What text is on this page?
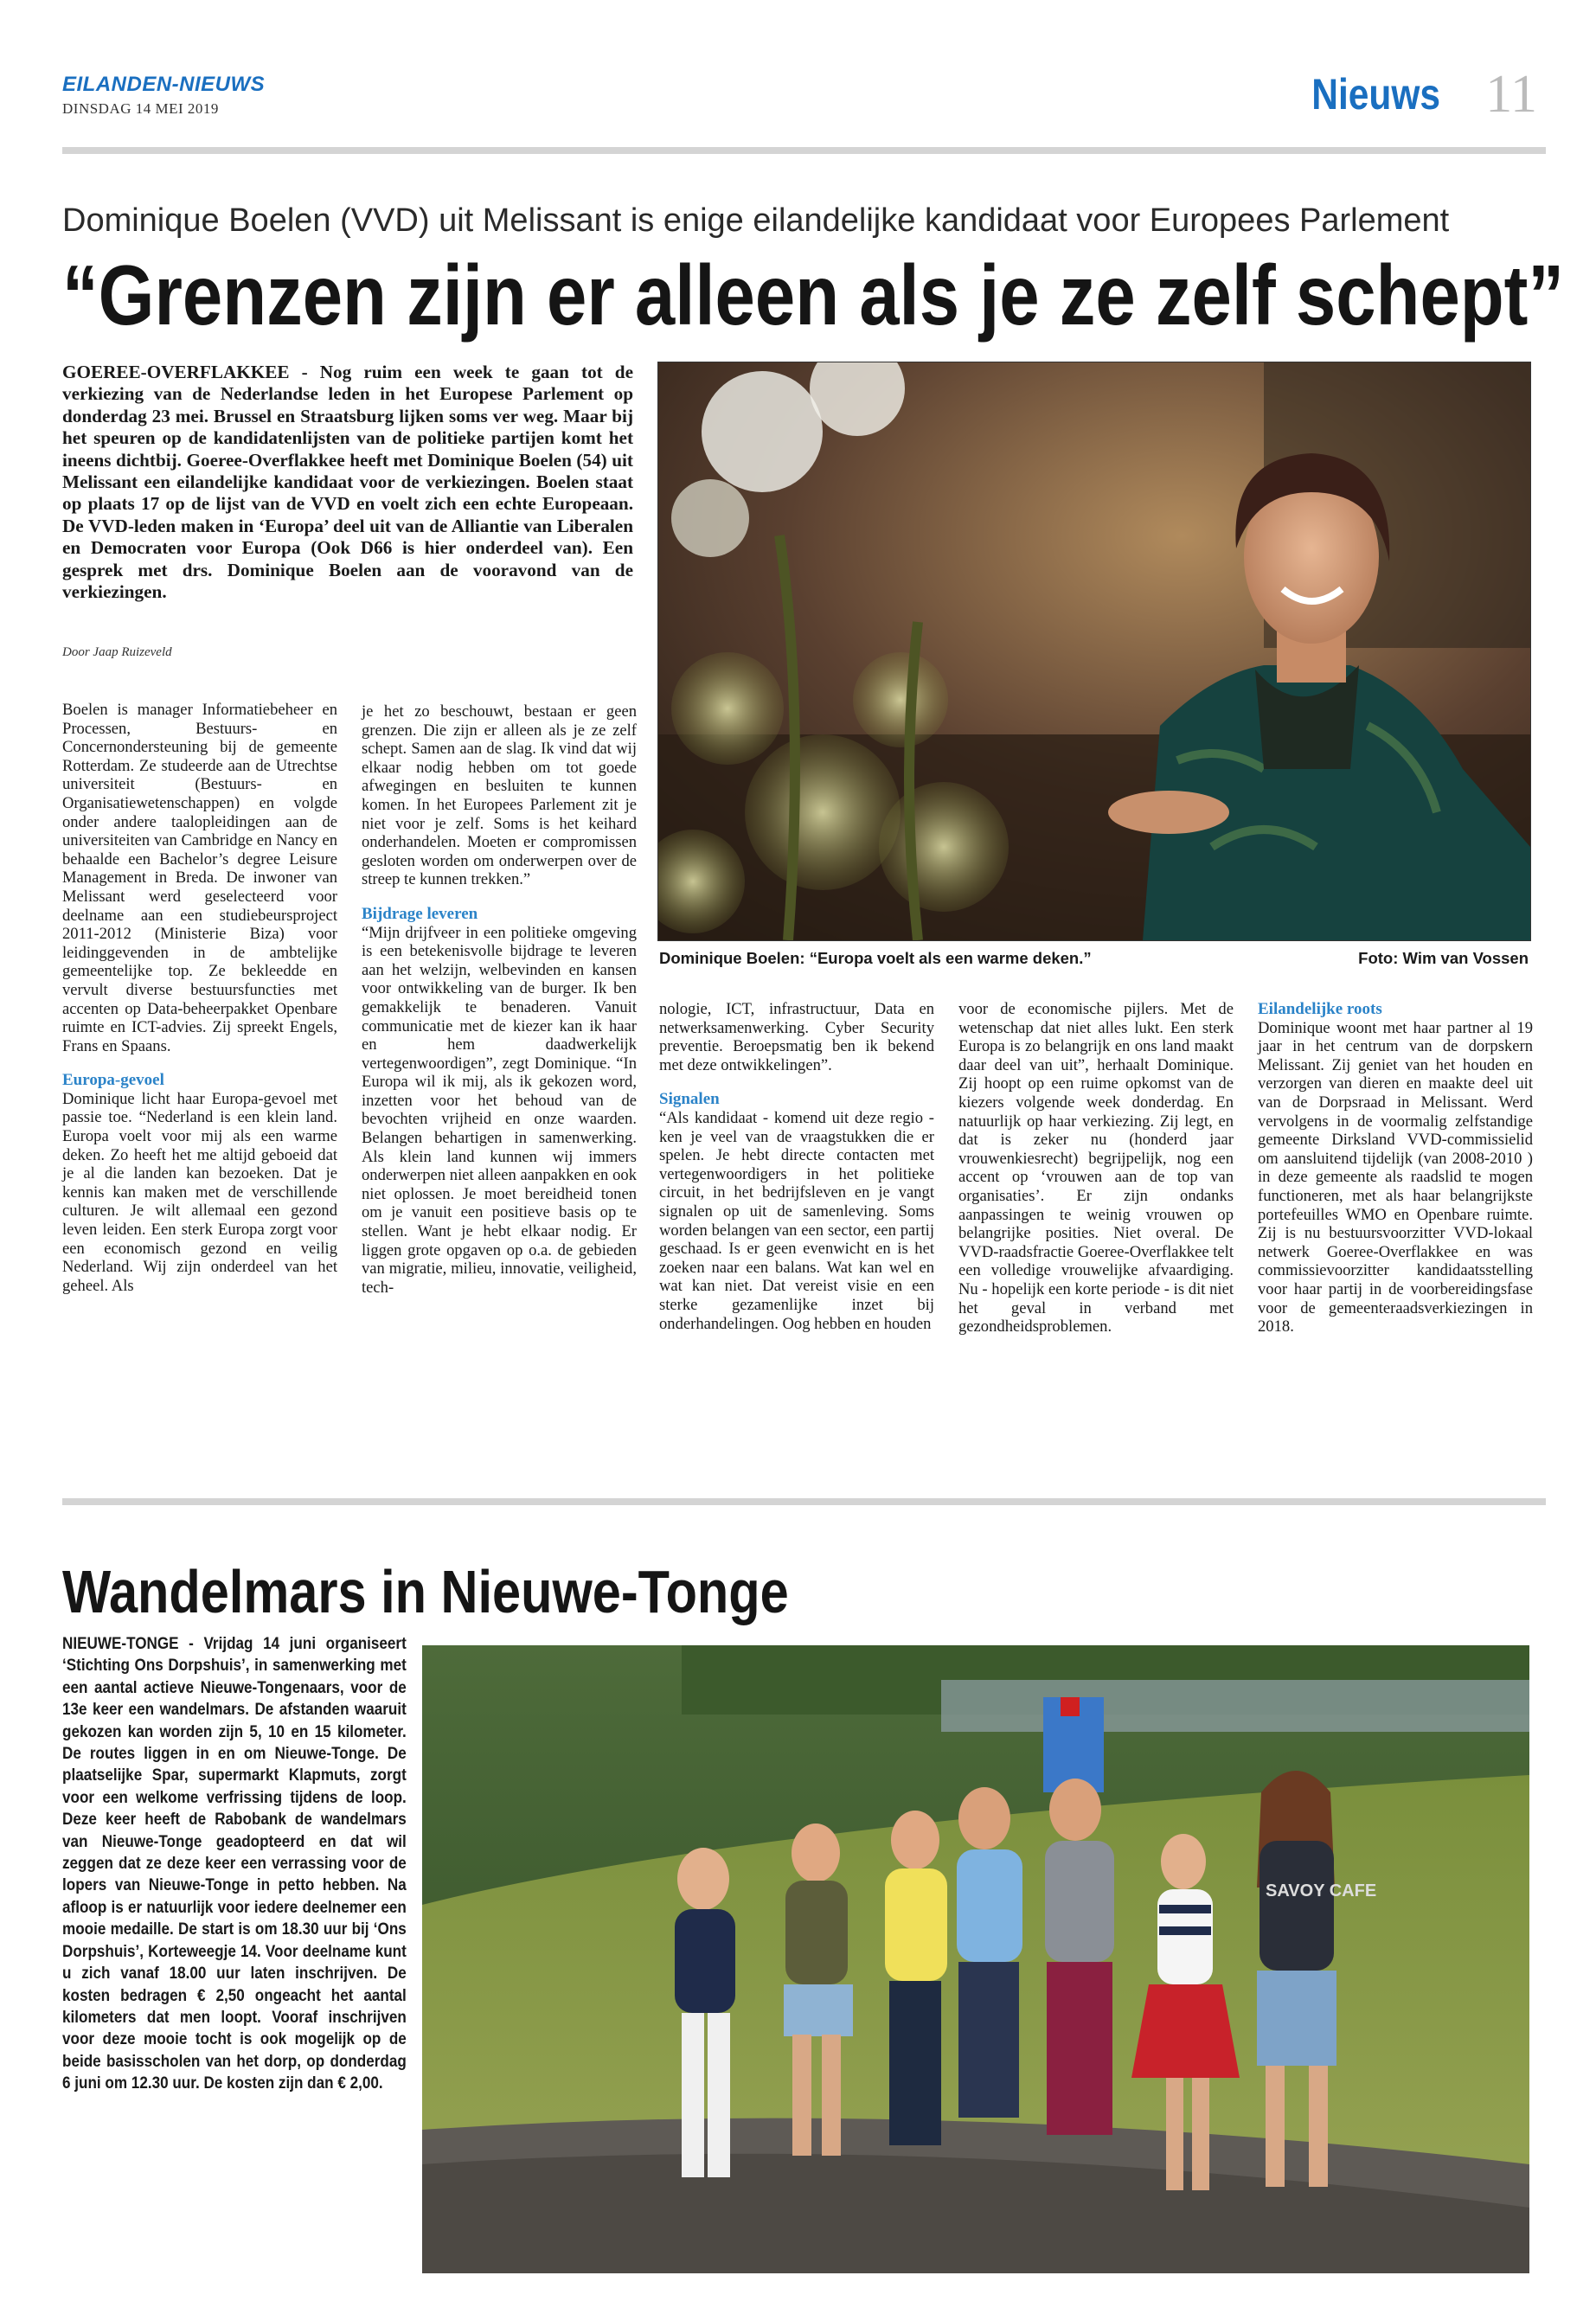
EILANDEN-NIEUWS
DINSDAG 14 MEI 2019	Nieuws 11
Dominique Boelen (VVD) uit Melissant is enige eilandelijke kandidaat voor Europees Parlement
“Grenzen zijn er alleen als je ze zelf schept”
GOEREE-OVERFLAKKEE - Nog ruim een week te gaan tot de verkiezing van de Nederlandse leden in het Europese Parlement op donderdag 23 mei. Brussel en Straatsburg lijken soms ver weg. Maar bij het speuren op de kandidatenlijsten van de politieke partijen komt het ineens dichtbij. Goeree-Overflakkee heeft met Dominique Boelen (54) uit Melissant een eilandelijke kandidaat voor de verkiezingen. Boelen staat op plaats 17 op de lijst van de VVD en voelt zich een echte Europeaan. De VVD-leden maken in ‘Europa’ deel uit van de Alliantie van Liberalen en Democraten voor Europa (Ook D66 is hier onderdeel van). Een gesprek met drs. Dominique Boelen aan de vooravond van de verkiezingen.
Door Jaap Ruizeveld

Boelen is manager Informatiebeheer en Processen, Bestuurs- en Concernondersteuning bij de gemeente Rotterdam. Ze studeerde aan de Utrechtse universiteit (Bestuurs- en Organisatiewetenschappen) en volgde onder andere taalopleidingen aan de universiteiten van Cambridge en Nancy en behaalde een Bachelor’s degree Leisure Management in Breda. De inwoner van Melissant werd geselecteerd voor deelname aan een studiebeursproject 2011-2012 (Ministerie Biza) voor leidinggevenden in de ambtelijke gemeentelijke top. Ze bekleedde en vervult diverse bestuursfuncties met accenten op Data-beheerpakket Openbare ruimte en ICT-advies. Zij spreekt Engels, Frans en Spaans.

Europa-gevoel

Dominique licht haar Europa-gevoel met passie toe. “Nederland is een klein land. Europa voelt voor mij als een warme deken. Zo heeft het me altijd geboeid dat je al die landen kan bezoeken. Dat je kennis kan maken met de verschillende culturen. Je wilt allemaal een gezond leven leiden. Een sterk Europa zorgt voor een economisch gezond en veilig Nederland. Wij zijn onderdeel van het geheel. Als

je het zo beschouwt, bestaan er geen grenzen. Die zijn er alleen als je ze zelf schept. Samen aan de slag. Ik vind dat wij elkaar nodig hebben om tot goede afwegingen en besluiten te kunnen komen. In het Europees Parlement zit je niet voor je zelf. Soms is het keihard onderhandelen. Moeten er compromissen gesloten worden om onderwerpen over de streep te kunnen trekken.”

Bijdrage leveren

“Mijn drijfveer in een politieke omgeving is een betekenisvolle bijdrage te leveren aan het welzijn, welbevinden en kansen voor ontwikkeling van de burger. Ik ben gemakkelijk te benaderen. Vanuit communicatie met de kiezer kan ik haar en hem daadwerkelijk vertegenwoordigen”, zegt Dominique. “In Europa wil ik mij, als ik gekozen word, inzetten voor het behoud van de bevochten vrijheid en onze waarden. Belangen behartigen in samenwerking. Als klein land kunnen wij immers onderwerpen niet alleen aanpakken en ook niet oplossen. Je moet bereidheid tonen om je vanuit een positieve basis op te stellen. Want je hebt elkaar nodig. Er liggen grote opgaven op o.a. de gebieden van migratie, milieu, innovatie, veiligheid, tech-

nologie, ICT, infrastructuur, Data en netwerksamenwerking. Cyber Security preventie. Beroepsmatig ben ik bekend met deze ontwikkelingen”.

Signalen

“Als kandidaat - komend uit deze regio - ken je veel van de vraagstukken die er spelen. Je hebt directe contacten met vertegenwoordigers in het politieke circuit, in het bedrijfsleven en je vangt signalen op uit de samenleving. Soms worden belangen van een sector, een partij geschaad. Is er geen evenwicht en is het zoeken naar een balans. Wat kan wel en wat kan niet. Dat vereist visie en een sterke gezamenlijke inzet bij onderhandelingen. Oog hebben en houden

voor de economische pijlers. Met de wetenschap dat niet alles lukt. Een sterk Europa is zo belangrijk en ons land maakt daar deel van uit”, herhaalt Dominique. Zij hoopt op een ruime opkomst van de kiezers volgende week donderdag. En natuurlijk op haar verkiezing. Zij legt, en dat is zeker nu (honderd jaar vrouwenkiesrecht) begrijpelijk, nog een accent op ‘vrouwen aan de top van organisaties’. Er zijn ondanks aanpassingen te weinig vrouwen op belangrijke posities. Niet overal. De VVD-raadsfractie Goeree-Overflakkee telt een volledige vrouwelijke afvaardiging. Nu - hopelijk een korte periode - is dit niet het geval in verband met gezondheidsproblemen.

Eilandelijke roots

Dominique woont met haar partner al 19 jaar in het centrum van de dorpskern Melissant. Zij geniet van het houden en verzorgen van dieren en maakte deel uit van de Dorpsraad in Melissant. Werd vervolgens in de voormalig zelfstandige gemeente Dirksland VVD-commissielid om aansluitend tijdelijk (van 2008-2010 ) in deze gemeente als raadslid te mogen functioneren, met als haar belangrijkste portefeuilles WMO en Openbare ruimte. Zij is nu bestuursvoorzitter VVD-lokaal netwerk Goeree-Overflakkee en was commissievoorzitter kandidaatsstelling voor haar partij in de voorbereidingsfase voor de gemeenteraadsverkiezingen in 2018.

Dominique Boelen: “Europa voelt als een warme deken.”	Foto: Wim van Vossen
Wandelmars in Nieuwe-Tonge
NIEUWE-TONGE - Vrijdag 14 juni organiseert ‘Stichting Ons Dorpshuis’, in samenwerking met een aantal actieve Nieuwe-Tongenaars, voor de 13e keer een wandelmars. De afstanden waaruit gekozen kan worden zijn 5, 10 en 15 kilometer. De routes liggen in en om Nieuwe-Tonge. De plaatselijke Spar, supermarkt Klapmuts, zorgt voor een welkome verfrissing tijdens de loop. Deze keer heeft de Rabobank de wandelmars van Nieuwe-Tonge geadopteerd en dat wil zeggen dat ze deze keer een verrassing voor de lopers van Nieuwe-Tonge in petto hebben. Na afloop is er natuurlijk voor iedere deelnemer een mooie medaille. De start is om 18.30 uur bij ‘Ons Dorpshuis’, Korteweegje 14. Voor deelname kunt u zich vanaf 18.00 uur laten inschrijven. De kosten bedragen € 2,50 ongeacht het aantal kilometers dat men loopt. Vooraf inschrijven voor deze mooie tocht is ook mogelijk op de beide basisscholen van het dorp, op donderdag 6 juni om 12.30 uur. De kosten zijn dan € 2,00.
SAVOY CAFE
